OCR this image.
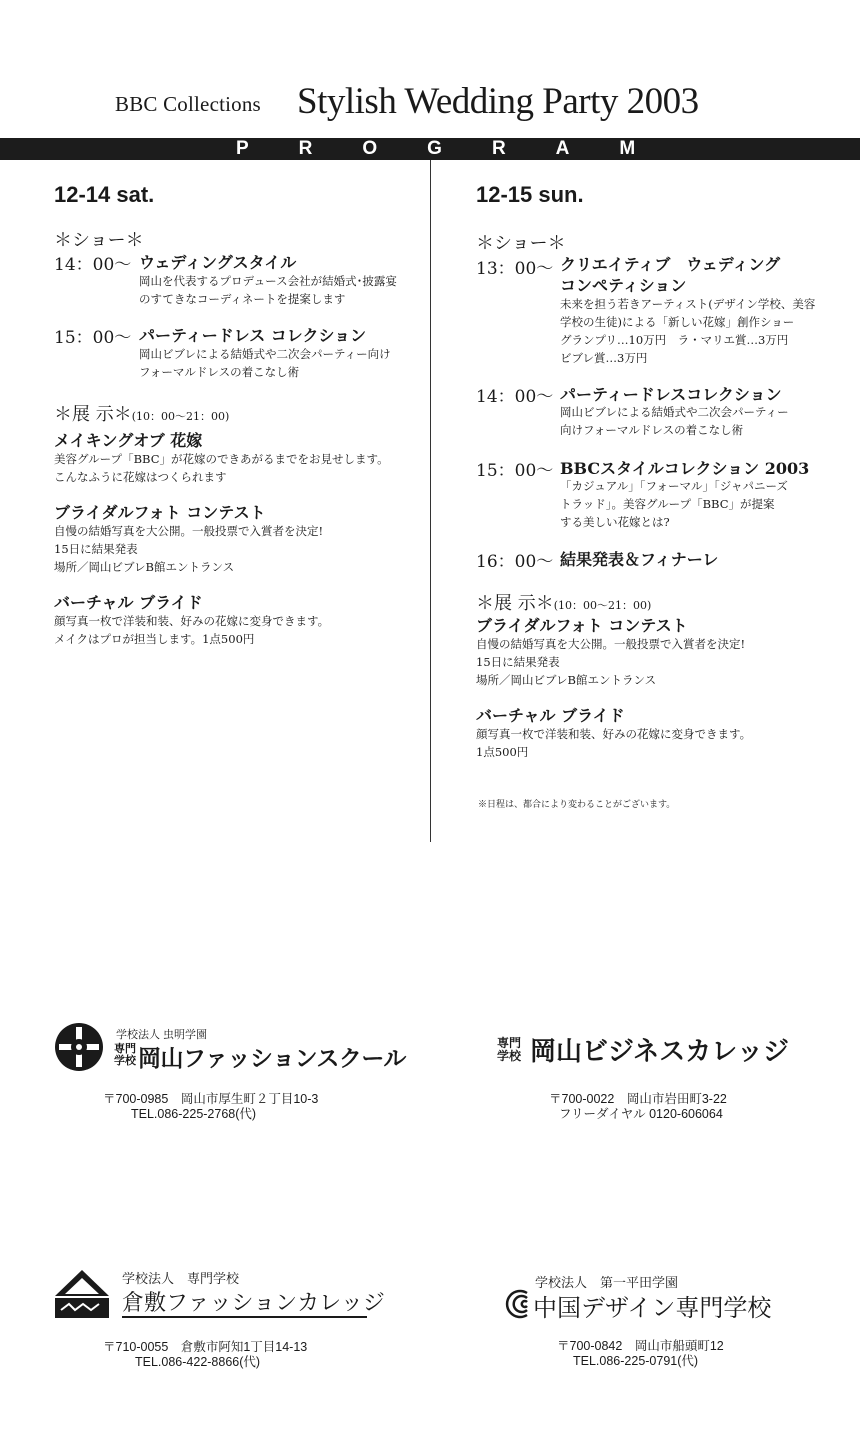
BBC Collections Stylish Wedding Party 2003
PROGRAM
12-14 sat.
＊ショー＊
14：00～ ウェディングスタイル
岡山を代表するプロデュース会社が結婚式･披露宴
のすてきなコーディネートを提案します
15：00～ パーティードレス コレクション
岡山ビブレによる結婚式や二次会パーティー向け
フォーマルドレスの着こなし術
＊展 示＊(10：00～21：00)
メイキングオブ 花嫁
美容グループ「BBC」が花嫁のできあがるまでをお見せします。
こんなふうに花嫁はつくられます
ブライダルフォト コンテスト
自慢の結婚写真を大公開。一般投票で入賞者を決定!
15日に結果発表
場所／岡山ビブレB館エントランス
バーチャル ブライド
顔写真一枚で洋装和装、好みの花嫁に変身できます。
メイクはプロが担当します。1点500円
12-15 sun.
＊ショー＊
13：00～ クリエイティブ　ウェディング
コンペティション
未来を担う若きアーティスト(デザイン学校、美容
学校の生徒)による「新しい花嫁」創作ショー
グランプリ…10万円　ラ・マリエ賞…3万円
ビブレ賞…3万円
14：00～ パーティードレスコレクション
岡山ビブレによる結婚式や二次会パーティー
向けフォーマルドレスの着こなし術
15：00～ BBCスタイルコレクション 2003
「カジュアル」「フォーマル」「ジャパニーズ
トラッド」。美容グループ「BBC」が提案
する美しい花嫁とは?
16：00～ 結果発表＆フィナーレ
＊展 示＊(10：00～21：00)
ブライダルフォト コンテスト
自慢の結婚写真を大公開。一般投票で入賞者を決定!
15日に結果発表
場所／岡山ビブレB館エントランス
バーチャル ブライド
顔写真一枚で洋装和装、好みの花嫁に変身できます。
1点500円
※日程は、都合により変わることがございます。
学校法人 虫明学園
専門
学校 岡山ファッションスクール
〒700-0985　岡山市厚生町２丁目10-3
TEL.086-225-2768(代)
専門
学校 岡山ビジネスカレッジ
〒700-0022　岡山市岩田町3-22
フリーダイヤル 0120-606064
学校法人　専門学校
倉敷ファッションカレッジ
〒710-0055　倉敷市阿知1丁目14-13
TEL.086-422-8866(代)
学校法人　第一平田学園
中国デザイン専門学校
〒700-0842　岡山市船頭町12
TEL.086-225-0791(代)
